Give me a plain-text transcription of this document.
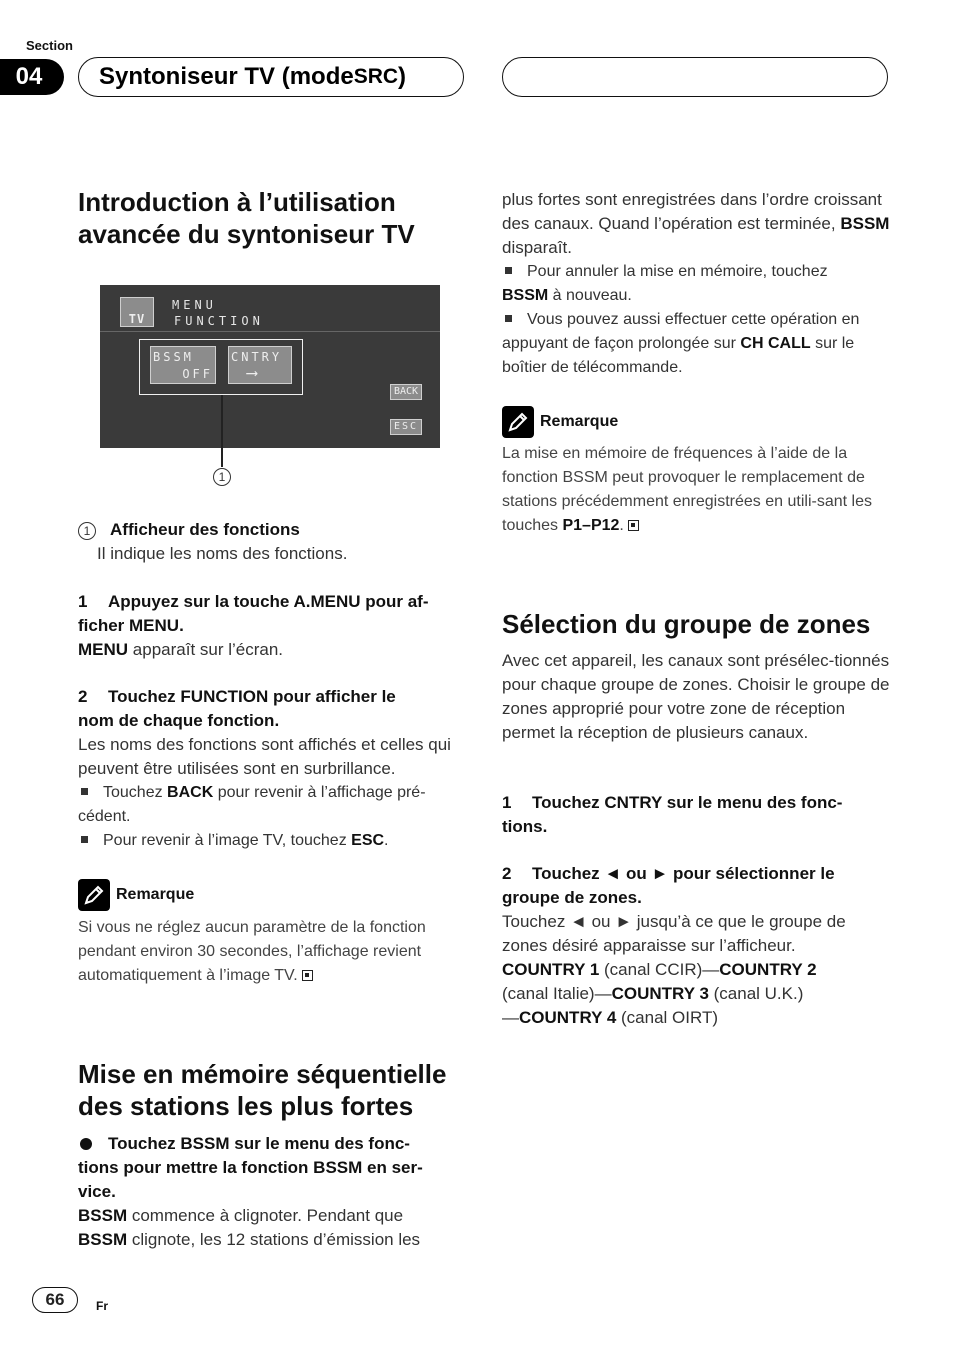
Section
04	Syntoniseur TV (mode SRC )
Introduction à l’utilisation avancée du syntoniseur TV
TV
MENU
FUNCTION
BSSM
OFF
CNTRY
⟶
BACK
ESC
1
1 Afficheur des fonctions

Il indique les noms des fonctions.

1 Appuyez sur la touche A.MENU pour af-
ficher MENU.

MENU apparaît sur l’écran.

2 Touchez FUNCTION pour afficher le
nom de chaque fonction.

Les noms des fonctions sont affichés et celles qui peuvent être utilisées sont en surbrillance.

Touchez BACK pour revenir à l’affichage pré-
cédent.
Pour revenir à l’image TV, touchez ESC.
Remarque

Si vous ne réglez aucun paramètre de la fonction pendant environ 30 secondes, l’affichage revient automatiquement à l’image TV.

Mise en mémoire séquentielle des stations les plus fortes
Touchez BSSM sur le menu des fonc-
tions pour mettre la fonction BSSM en ser-
vice.

BSSM commence à clignoter. Pendant que

BSSM clignote, les 12 stations d’émission les

plus fortes sont enregistrées dans l’ordre croissant des canaux. Quand l’opération est terminée, BSSM disparaît.

Pour annuler la mise en mémoire, touchez
BSSM à nouveau.
Vous pouvez aussi effectuer cette opération en appuyant de façon prolongée sur CH CALL sur le boîtier de télécommande.
Remarque

La mise en mémoire de fréquences à l’aide de la fonction BSSM peut provoquer le remplacement de stations précédemment enregistrées en utili-sant les touches P1–P12.

Sélection du groupe de zones

Avec cet appareil, les canaux sont présélec-tionnés pour chaque groupe de zones. Choisir le groupe de zones approprié pour votre zone de réception permet la réception de plusieurs canaux.

1 Touchez CNTRY sur le menu des fonc-
tions.
2 Touchez ◄ ou ► pour sélectionner le
groupe de zones.

Touchez ◄ ou ► jusqu’à ce que le groupe de zones désiré apparaisse sur l’afficheur.

COUNTRY 1 (canal CCIR)—COUNTRY 2

(canal Italie)—COUNTRY 3 (canal U.K.)

—COUNTRY 4 (canal OIRT)

66	Fr
